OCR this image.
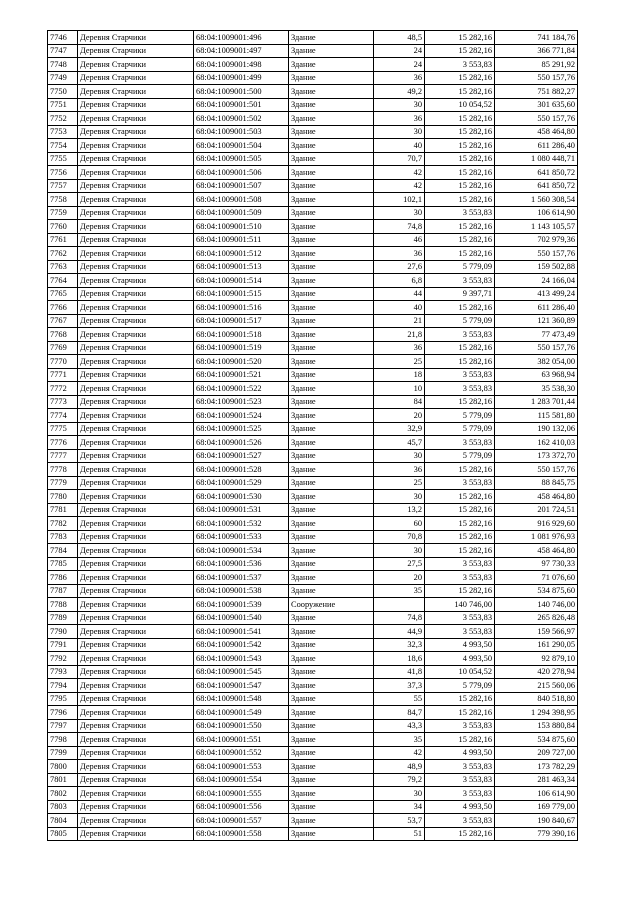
7746	Деревня Старчики	68:04:1009001:496	Здание	48,5	15 282,16	741 184,76
7747	Деревня Старчики	68:04:1009001:497	Здание	24	15 282,16	366 771,84
7748	Деревня Старчики	68:04:1009001:498	Здание	24	3 553,83	85 291,92
7749	Деревня Старчики	68:04:1009001:499	Здание	36	15 282,16	550 157,76
7750	Деревня Старчики	68:04:1009001:500	Здание	49,2	15 282,16	751 882,27
7751	Деревня Старчики	68:04:1009001:501	Здание	30	10 054,52	301 635,60
7752	Деревня Старчики	68:04:1009001:502	Здание	36	15 282,16	550 157,76
7753	Деревня Старчики	68:04:1009001:503	Здание	30	15 282,16	458 464,80
7754	Деревня Старчики	68:04:1009001:504	Здание	40	15 282,16	611 286,40
7755	Деревня Старчики	68:04:1009001:505	Здание	70,7	15 282,16	1 080 448,71
7756	Деревня Старчики	68:04:1009001:506	Здание	42	15 282,16	641 850,72
7757	Деревня Старчики	68:04:1009001:507	Здание	42	15 282,16	641 850,72
7758	Деревня Старчики	68:04:1009001:508	Здание	102,1	15 282,16	1 560 308,54
7759	Деревня Старчики	68:04:1009001:509	Здание	30	3 553,83	106 614,90
7760	Деревня Старчики	68:04:1009001:510	Здание	74,8	15 282,16	1 143 105,57
7761	Деревня Старчики	68:04:1009001:511	Здание	46	15 282,16	702 979,36
7762	Деревня Старчики	68:04:1009001:512	Здание	36	15 282,16	550 157,76
7763	Деревня Старчики	68:04:1009001:513	Здание	27,6	5 779,09	159 502,88
7764	Деревня Старчики	68:04:1009001:514	Здание	6,8	3 553,83	24 166,04
7765	Деревня Старчики	68:04:1009001:515	Здание	44	9 397,71	413 499,24
7766	Деревня Старчики	68:04:1009001:516	Здание	40	15 282,16	611 286,40
7767	Деревня Старчики	68:04:1009001:517	Здание	21	5 779,09	121 360,89
7768	Деревня Старчики	68:04:1009001:518	Здание	21,8	3 553,83	77 473,49
7769	Деревня Старчики	68:04:1009001:519	Здание	36	15 282,16	550 157,76
7770	Деревня Старчики	68:04:1009001:520	Здание	25	15 282,16	382 054,00
7771	Деревня Старчики	68:04:1009001:521	Здание	18	3 553,83	63 968,94
7772	Деревня Старчики	68:04:1009001:522	Здание	10	3 553,83	35 538,30
7773	Деревня Старчики	68:04:1009001:523	Здание	84	15 282,16	1 283 701,44
7774	Деревня Старчики	68:04:1009001:524	Здание	20	5 779,09	115 581,80
7775	Деревня Старчики	68:04:1009001:525	Здание	32,9	5 779,09	190 132,06
7776	Деревня Старчики	68:04:1009001:526	Здание	45,7	3 553,83	162 410,03
7777	Деревня Старчики	68:04:1009001:527	Здание	30	5 779,09	173 372,70
7778	Деревня Старчики	68:04:1009001:528	Здание	36	15 282,16	550 157,76
7779	Деревня Старчики	68:04:1009001:529	Здание	25	3 553,83	88 845,75
7780	Деревня Старчики	68:04:1009001:530	Здание	30	15 282,16	458 464,80
7781	Деревня Старчики	68:04:1009001:531	Здание	13,2	15 282,16	201 724,51
7782	Деревня Старчики	68:04:1009001:532	Здание	60	15 282,16	916 929,60
7783	Деревня Старчики	68:04:1009001:533	Здание	70,8	15 282,16	1 081 976,93
7784	Деревня Старчики	68:04:1009001:534	Здание	30	15 282,16	458 464,80
7785	Деревня Старчики	68:04:1009001:536	Здание	27,5	3 553,83	97 730,33
7786	Деревня Старчики	68:04:1009001:537	Здание	20	3 553,83	71 076,60
7787	Деревня Старчики	68:04:1009001:538	Здание	35	15 282,16	534 875,60
7788	Деревня Старчики	68:04:1009001:539	Сооружение		140 746,00	140 746,00
7789	Деревня Старчики	68:04:1009001:540	Здание	74,8	3 553,83	265 826,48
7790	Деревня Старчики	68:04:1009001:541	Здание	44,9	3 553,83	159 566,97
7791	Деревня Старчики	68:04:1009001:542	Здание	32,3	4 993,50	161 290,05
7792	Деревня Старчики	68:04:1009001:543	Здание	18,6	4 993,50	92 879,10
7793	Деревня Старчики	68:04:1009001:545	Здание	41,8	10 054,52	420 278,94
7794	Деревня Старчики	68:04:1009001:547	Здание	37,3	5 779,09	215 560,06
7795	Деревня Старчики	68:04:1009001:548	Здание	55	15 282,16	840 518,80
7796	Деревня Старчики	68:04:1009001:549	Здание	84,7	15 282,16	1 294 398,95
7797	Деревня Старчики	68:04:1009001:550	Здание	43,3	3 553,83	153 880,84
7798	Деревня Старчики	68:04:1009001:551	Здание	35	15 282,16	534 875,60
7799	Деревня Старчики	68:04:1009001:552	Здание	42	4 993,50	209 727,00
7800	Деревня Старчики	68:04:1009001:553	Здание	48,9	3 553,83	173 782,29
7801	Деревня Старчики	68:04:1009001:554	Здание	79,2	3 553,83	281 463,34
7802	Деревня Старчики	68:04:1009001:555	Здание	30	3 553,83	106 614,90
7803	Деревня Старчики	68:04:1009001:556	Здание	34	4 993,50	169 779,00
7804	Деревня Старчики	68:04:1009001:557	Здание	53,7	3 553,83	190 840,67
7805	Деревня Старчики	68:04:1009001:558	Здание	51	15 282,16	779 390,16
